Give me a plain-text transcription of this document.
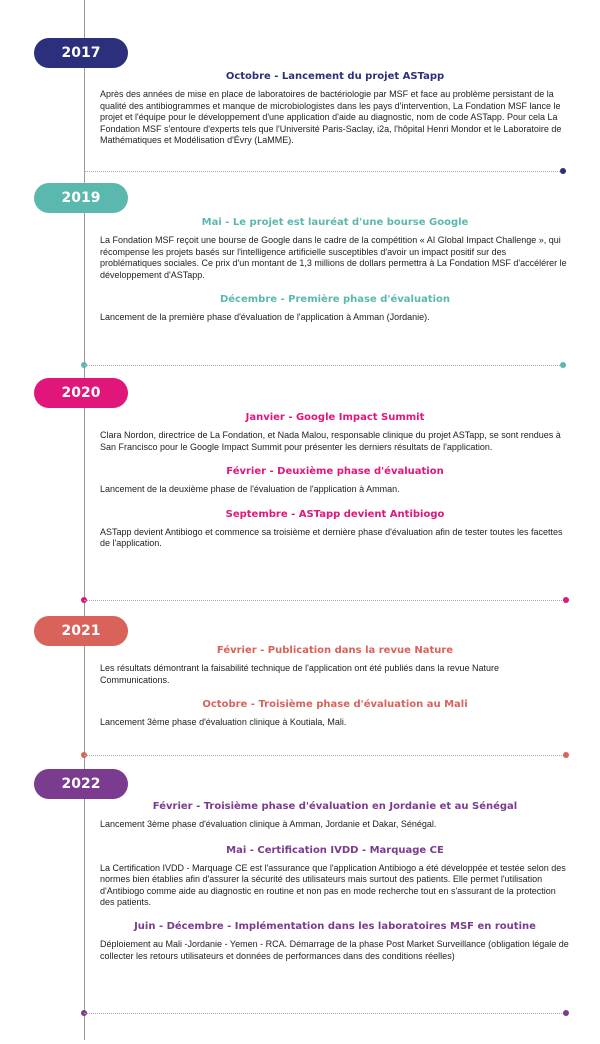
2017

Octobre - Lancement du projet ASTapp

Après des années de mise en place de laboratoires de bactériologie par MSF et face au problème persistant de la qualité des antibiogrammes et manque de microbiologistes dans les pays d'intervention, La Fondation MSF lance le projet et l'équipe pour le développement d'une application d'aide au diagnostic, nom de code ASTapp. Pour cela La Fondation MSF s'entoure d'experts tels que l'Université Paris-Saclay, i2a, l'hôpital Henri Mondor et le Laboratoire de Mathématiques et Modélisation d'Évry (LaMME).

2019

Mai - Le projet est lauréat d'une bourse Google

La Fondation MSF reçoit une bourse de Google dans le cadre de la compétition « AI Global Impact Challenge », qui récompense les projets basés sur l'intelligence artificielle susceptibles d'avoir un impact positif sur des problématiques sociales. Ce prix d'un montant de 1,3 millions de dollars permettra à La Fondation MSF d'accélérer le développement d'ASTapp.

Décembre - Première phase d'évaluation

Lancement de la première phase d'évaluation de l'application à Amman (Jordanie).

2020

Janvier - Google Impact Summit

Clara Nordon, directrice de La Fondation, et Nada Malou, responsable clinique du projet ASTapp, se sont rendues à San Francisco pour le Google Impact Summit pour présenter les derniers résultats de l'application.

Février - Deuxième phase d'évaluation

Lancement de la deuxième phase de l'évaluation de l'application à Amman.

Septembre - ASTapp devient Antibiogo

ASTapp devient Antibiogo et commence sa troisième et dernière phase d'évaluation afin de tester toutes les facettes de l'application.

2021

Février - Publication dans la revue Nature

Les résultats démontrant la faisabilité technique de l'application ont été publiés dans la revue Nature Communications.

Octobre - Troisième phase d'évaluation au Mali

Lancement 3ème phase d'évaluation clinique à Koutiala, Mali.

2022

Février - Troisième phase d'évaluation en Jordanie et au Sénégal

Lancement 3ème phase d'évaluation clinique à Amman, Jordanie et Dakar, Sénégal.

Mai - Certification IVDD - Marquage CE

La Certification IVDD - Marquage CE est l'assurance que l'application Antibiogo a été développée et testée selon des normes bien établies afin d'assurer la sécurité des utilisateurs mais surtout des patients. Elle permet l'utilisation d'Antibiogo comme aide au diagnostic en routine et non pas en mode recherche tout en s'assurant de la protection des patients.

Juin - Décembre - Implémentation dans les laboratoires MSF en routine

Déploiement au Mali -Jordanie - Yemen - RCA. Démarrage de la phase Post Market Surveillance (obligation légale de collecter les retours utilisateurs et données de performances dans des conditions réelles)
